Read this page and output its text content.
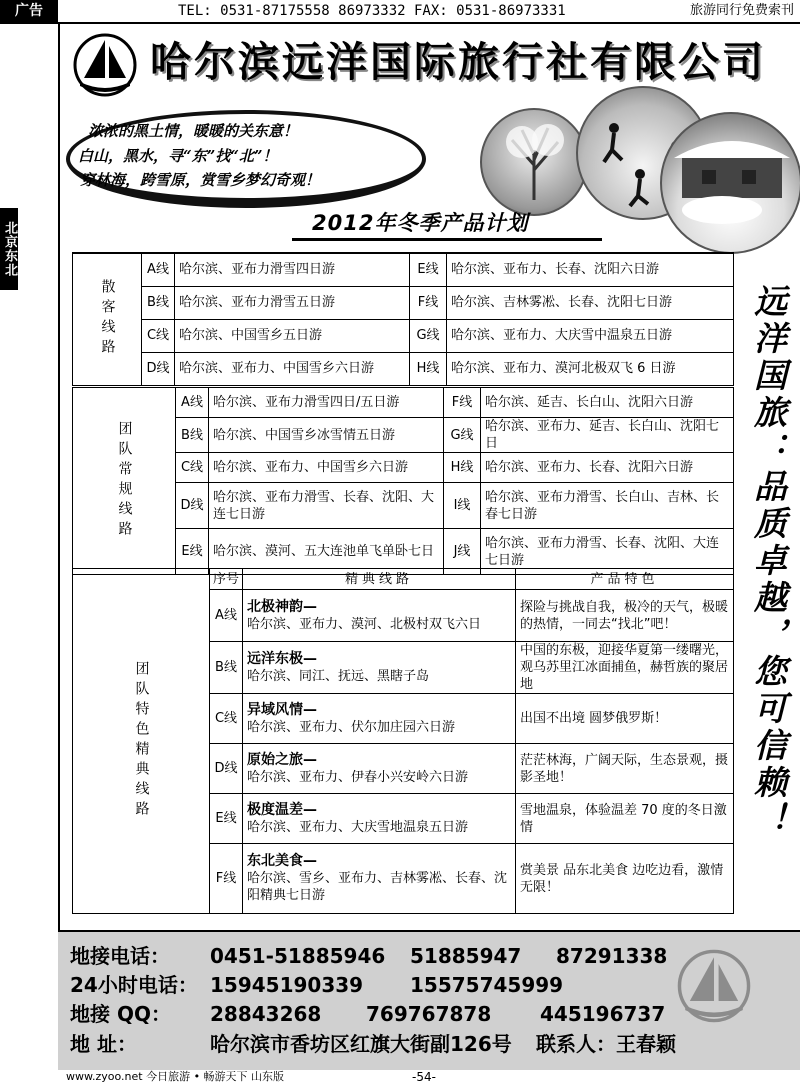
广告	TEL: 0531-87175558 86973332 FAX: 0531-86973331	旅游同行免费索刊
北京东北
哈尔滨远洋国际旅行社有限公司
浓浓的黑土情，暖暖的关东意！
白山，黑水，寻“东”找“北”！
穿林海，跨雪原，赏雪乡梦幻奇观！
2012年冬季产品计划
散客线路	A线	哈尔滨、亚布力滑雪四日游	E线	哈尔滨、亚布力、长春、沈阳六日游
	B线	哈尔滨、亚布力滑雪五日游	F线	哈尔滨、吉林雾凇、长春、沈阳七日游
	C线	哈尔滨、中国雪乡五日游	G线	哈尔滨、亚布力、大庆雪中温泉五日游
	D线	哈尔滨、亚布力、中国雪乡六日游	H线	哈尔滨、亚布力、漠河北极双飞 6 日游
团队常规线路	A线	哈尔滨、亚布力滑雪四日/五日游	F线	哈尔滨、延吉、长白山、沈阳六日游
	B线	哈尔滨、中国雪乡冰雪情五日游	G线	哈尔滨、亚布力、延吉、长白山、沈阳七日
	C线	哈尔滨、亚布力、中国雪乡六日游	H线	哈尔滨、亚布力、长春、沈阳六日游
	D线	哈尔滨、亚布力滑雪、长春、沈阳、大连七日游	I线	哈尔滨、亚布力滑雪、长白山、吉林、长春七日游
	E线	哈尔滨、漠河、五大连池单飞单卧七日	J线	哈尔滨、亚布力滑雪、长春、沈阳、大连七日游
团队特色精典线路	序号	精典线路	产品特色
	A线	北极神韵—
哈尔滨、亚布力、漠河、北极村双飞六日	探险与挑战自我，极冷的天气，极暖的热情，一同去“找北”吧！
	B线	远洋东极—
哈尔滨、同江、抚远、黑瞎子岛	中国的东极，迎接华夏第一缕曙光，观乌苏里江冰面捕鱼，赫哲族的聚居地
	C线	异域风情—
哈尔滨、亚布力、伏尔加庄园六日游	出国不出境 圆梦俄罗斯！
	D线	原始之旅—
哈尔滨、亚布力、伊春小兴安岭六日游	茫茫林海，广阔天际，生态景观，摄影圣地！
	E线	极度温差—
哈尔滨、亚布力、大庆雪地温泉五日游	雪地温泉，体验温差 70 度的冬日激情
	F线	东北美食—
哈尔滨、雪乡、亚布力、吉林雾凇、长春、沈阳精典七日游	赏美景 品东北美食 边吃边看，激情无限！
远洋国旅：品质卓越，您可信赖！
地接电话： 0451-51885946 51885947 87291338
24小时电话： 15945190339 15575745999
地接 QQ： 28843268 769767878 445196737
地 址：	哈尔滨市香坊区红旗大街副126号 联系人：王春颖
www.zyoo.net 今日旅游 • 畅游天下 山东版	-54-
